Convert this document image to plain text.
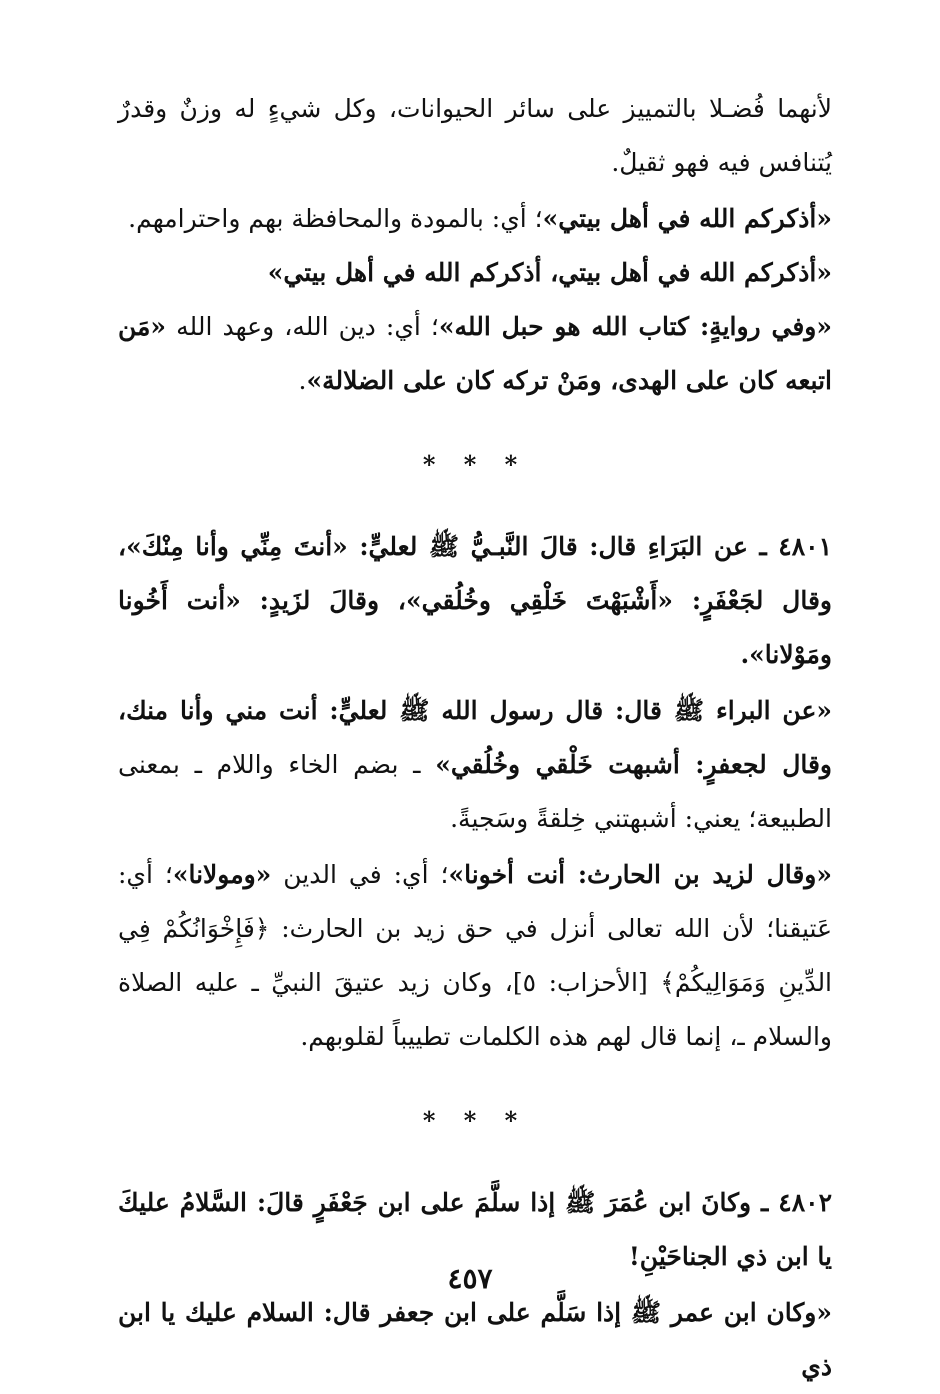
لأنهما فُضـلا بالتمييز على سائر الحيوانات، وكل شيءٍ له وزنٌ وقدرٌ يُتنافس فيه فهو ثقيلٌ.

«أذكركم الله في أهل بيتي»؛ أي: بالمودة والمحافظة بهم واحترامهم.

«أذكركم الله في أهل بيتي، أذكركم الله في أهل بيتي»

«وفي روايةٍ: كتاب الله هو حبل الله»؛ أي: دين الله، وعهد الله «مَن اتبعه كان على الهدى، ومَنْ تركه كان على الضلالة».

* * *

٤٨٠١ ـ عن البَرَاءِ قال: قالَ النَّبـيُّ ﷺ لعليٍّ: «أنتَ مِنِّي وأنا مِنْكَ»، وقال لجَعْفَرٍ: «أَشْبَهْتَ خَلْقِي وخُلُقي»، وقالَ لزَيدٍ: «أنت أَخُونا ومَوْلانا».

«عن البراء ﷺ قال: قال رسول الله ﷺ لعليٍّ: أنت مني وأنا منك، وقال لجعفرٍ: أشبهت خَلْقي وخُلُقي» ـ بضم الخاء واللام ـ بمعنى الطبيعة؛ يعني: أشبهتني خِلقةً وسَجيةً.

«وقال لزيد بن الحارث: أنت أخونا»؛ أي: في الدين «ومولانا»؛ أي: عَتيقنا؛ لأن الله تعالى أنزل في حق زيد بن الحارث: ﴿فَإِخْوَانُكُمْ فِي الدِّينِ وَمَوَالِيكُمْ﴾ [الأحزاب: ٥]، وكان زيد عتيقَ النبيِّ ـ عليه الصلاة والسلام ـ، إنما قال لهم هذه الكلمات تطييباً لقلوبهم.

* * *

٤٨٠٢ ـ وكانَ ابن عُمَرَ ﷺ إذا سلَّمَ على ابن جَعْفَرٍ قالَ: السَّلامُ عليكَ يا ابن ذي الجناحَيْنِ!

«وكان ابن عمر ﷺ إذا سَلَّم على ابن جعفر قال: السلام عليك يا ابن ذي

٤٥٧
